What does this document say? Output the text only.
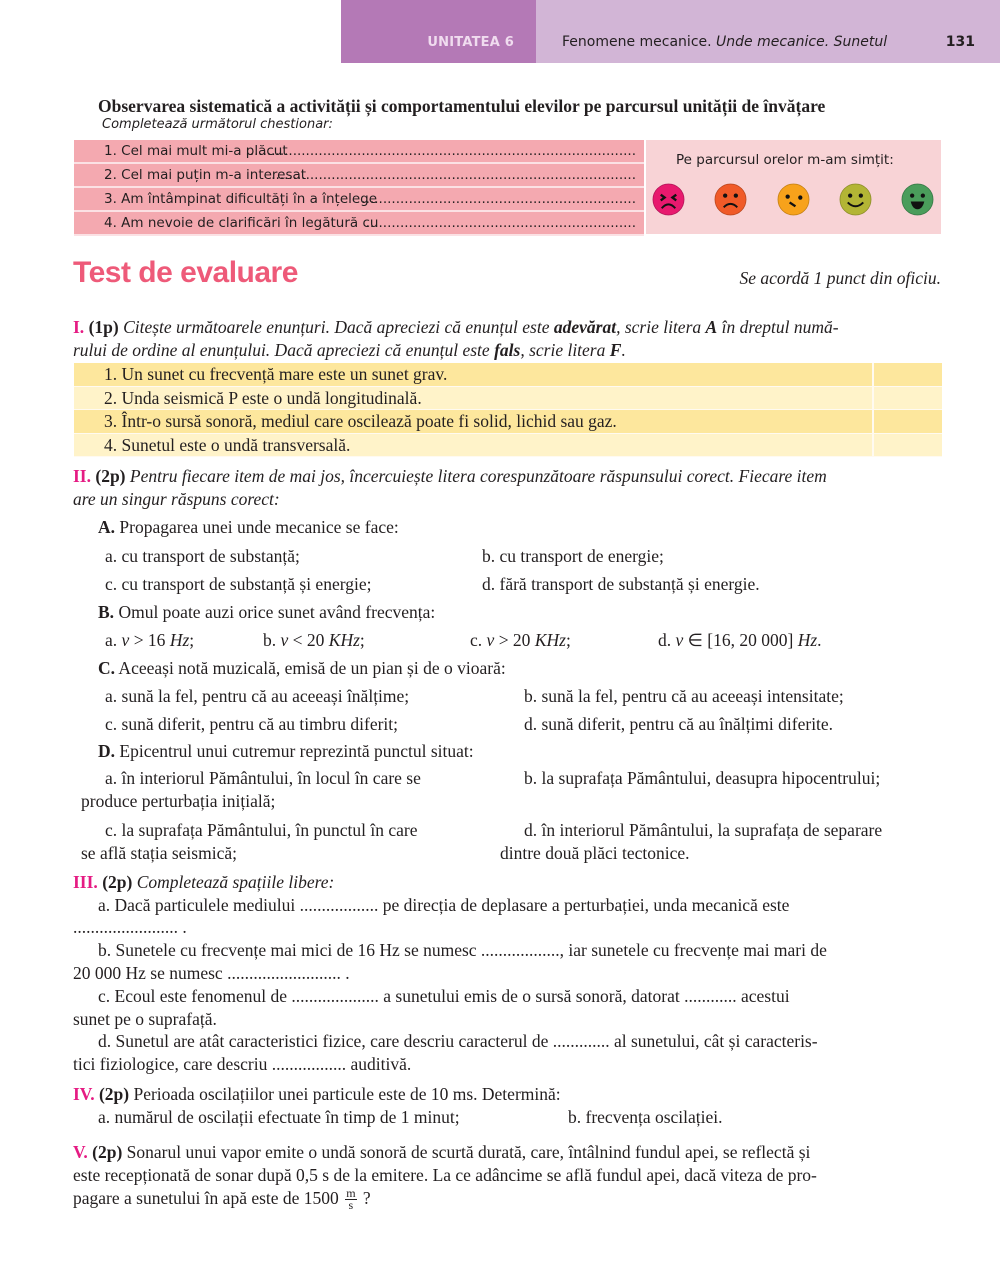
UNITATEA 6	Fenomene mecanice. Unde mecanice. Sunetul	131
Observarea sistematică a activității și comportamentului elevilor pe parcursul unității de învățare
Completează următorul chestionar:
1. Cel mai mult mi-a plăcut
...........................................................................................
2. Cel mai puțin m-a interesat
.....................................................................................
3. Am întâmpinat dificultăți în a înțelege
................................................................
4. Am nevoie de clarificări în legătură cu
...............................................................
Pe parcursul orelor m-am simțit:
Test de evaluare	Se acordă 1 punct din oficiu.
I. (1p) Citește următoarele enunțuri. Dacă apreciezi că enunțul este adevărat, scrie litera A în dreptul numă-
rului de ordine al enunțului. Dacă apreciezi că enunțul este fals, scrie litera F.
1. Un sunet cu frecvență mare este un sunet grav.
2. Unda seismică P este o undă longitudinală.
3. Într-o sursă sonoră, mediul care oscilează poate fi solid, lichid sau gaz.
4. Sunetul este o undă transversală.
II. (2p) Pentru fiecare item de mai jos, încercuiește litera corespunzătoare răspunsului corect. Fiecare item
are un singur răspuns corect:
A. Propagarea unei unde mecanice se face:
a. cu transport de substanță;	b. cu transport de energie;
c. cu transport de substanță și energie;	d. fără transport de substanță și energie.
B. Omul poate auzi orice sunet având frecvența:
a. ν > 16 Hz;	b. ν < 20 KHz;	c. ν > 20 KHz;	d. ν ∈ [16, 20 000] Hz.
C. Aceeași notă muzicală, emisă de un pian și de o vioară:
a. sună la fel, pentru că au aceeași înălțime;	b. sună la fel, pentru că au aceeași intensitate;
c. sună diferit, pentru că au timbru diferit;	d. sună diferit, pentru că au înălțimi diferite.
D. Epicentrul unui cutremur reprezintă punctul situat:
a. în interiorul Pământului, în locul în care se
produce perturbația inițială;
b. la suprafața Pământului, deasupra hipocentrului;
c. la suprafața Pământului, în punctul în care
se află stația seismică;
d. în interiorul Pământului, la suprafața de separare
dintre două plăci tectonice.
III. (2p) Completează spațiile libere:
a. Dacă particulele mediului .................. pe direcția de deplasare a perturbației, unda mecanică este
........................ .
b. Sunetele cu frecvențe mai mici de 16 Hz se numesc .................., iar sunetele cu frecvențe mai mari de
20 000 Hz se numesc .......................... .
c. Ecoul este fenomenul de .................... a sunetului emis de o sursă sonoră, datorat ............ acestui
sunet pe o suprafață.
d. Sunetul are atât caracteristici fizice, care descriu caracterul de ............. al sunetului, cât și caracteris-
tici fiziologice, care descriu ................. auditivă.
IV. (2p) Perioada oscilațiilor unei particule este de 10 ms. Determină:
a. numărul de oscilații efectuate în timp de 1 minut;	b. frecvența oscilației.
V. (2p) Sonarul unui vapor emite o undă sonoră de scurtă durată, care, întâlnind fundul apei, se reflectă și
este recepționată de sonar după 0,5 s de la emitere. La ce adâncime se află fundul apei, dacă viteza de pro-
pagare a sunetului în apă este de $1500 \frac{m}{s}$ ?
